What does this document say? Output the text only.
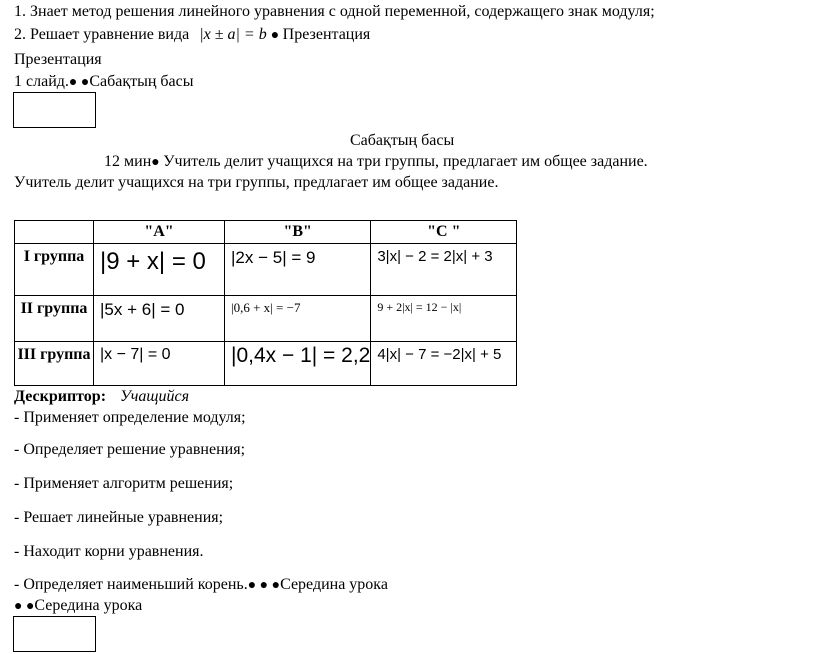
1. Знает метод решения линейного уравнения с одной переменной, содержащего знак модуля;
2. Решает уравнение вида |x ± a| = b ● Презентация
Презентация
1 слайд.● ●Сабақтың басы
Сабақтың басы
12 мин● Учитель делит учащихся на три группы, предлагает им общее задание.
Учитель делит учащихся на три группы, предлагает им общее задание.
	"A"	"B"	"C "
I группа	|9 + x| = 0	|2x − 5| = 9	3|x| − 2 = 2|x| + 3
II группа	|5x + 6| = 0	|0,6 + x| = −7	9 + 2|x| = 12 − |x|
III группа	|x − 7| = 0	|0,4x − 1| = 2,2	4|x| − 7 = −2|x| + 5
Дескриптор: Учащийся
- Применяет определение модуля;
- Определяет решение уравнения;
- Применяет алгоритм решения;
- Решает линейные уравнения;
- Находит корни уравнения.
- Определяет наименьший корень.● ● ●Середина урока
● ●Середина урока
